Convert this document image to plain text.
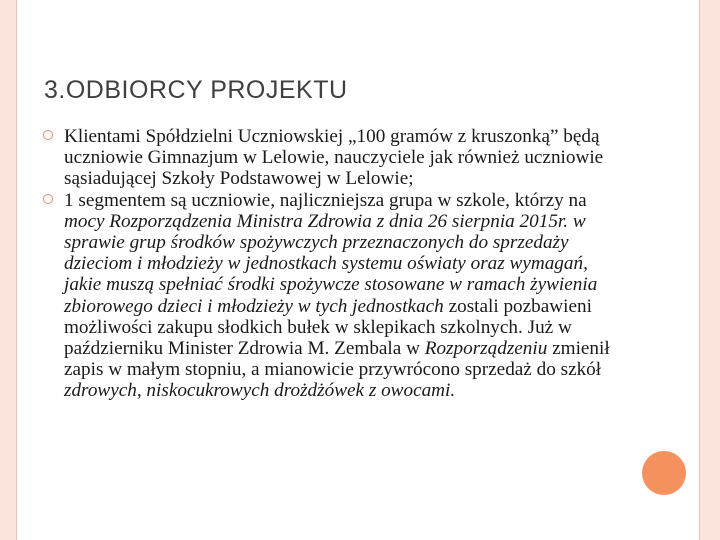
3.ODBIORCY PROJEKTU
Klientami Spółdzielni Uczniowskiej „100 gramów z kruszonką” będą uczniowie Gimnazjum w Lelowie, nauczyciele jak również uczniowie sąsiadującej Szkoły Podstawowej w Lelowie;
1 segmentem są uczniowie, najliczniejsza grupa w szkole, którzy na mocy Rozporządzenia Ministra Zdrowia z dnia 26 sierpnia 2015r. w sprawie grup środków spożywczych przeznaczonych do sprzedaży dzieciom i młodzieży w jednostkach systemu oświaty oraz wymagań, jakie muszą spełniać środki spożywcze stosowane w ramach żywienia zbiorowego dzieci i młodzieży w tych jednostkach zostali pozbawieni możliwości zakupu słodkich bułek w sklepikach szkolnych. Już w październiku Minister Zdrowia M. Zembala w Rozporządzeniu zmienił zapis w małym stopniu, a mianowicie przywrócono sprzedaż do szkół zdrowych, niskocukrowych drożdżówek z owocami.
